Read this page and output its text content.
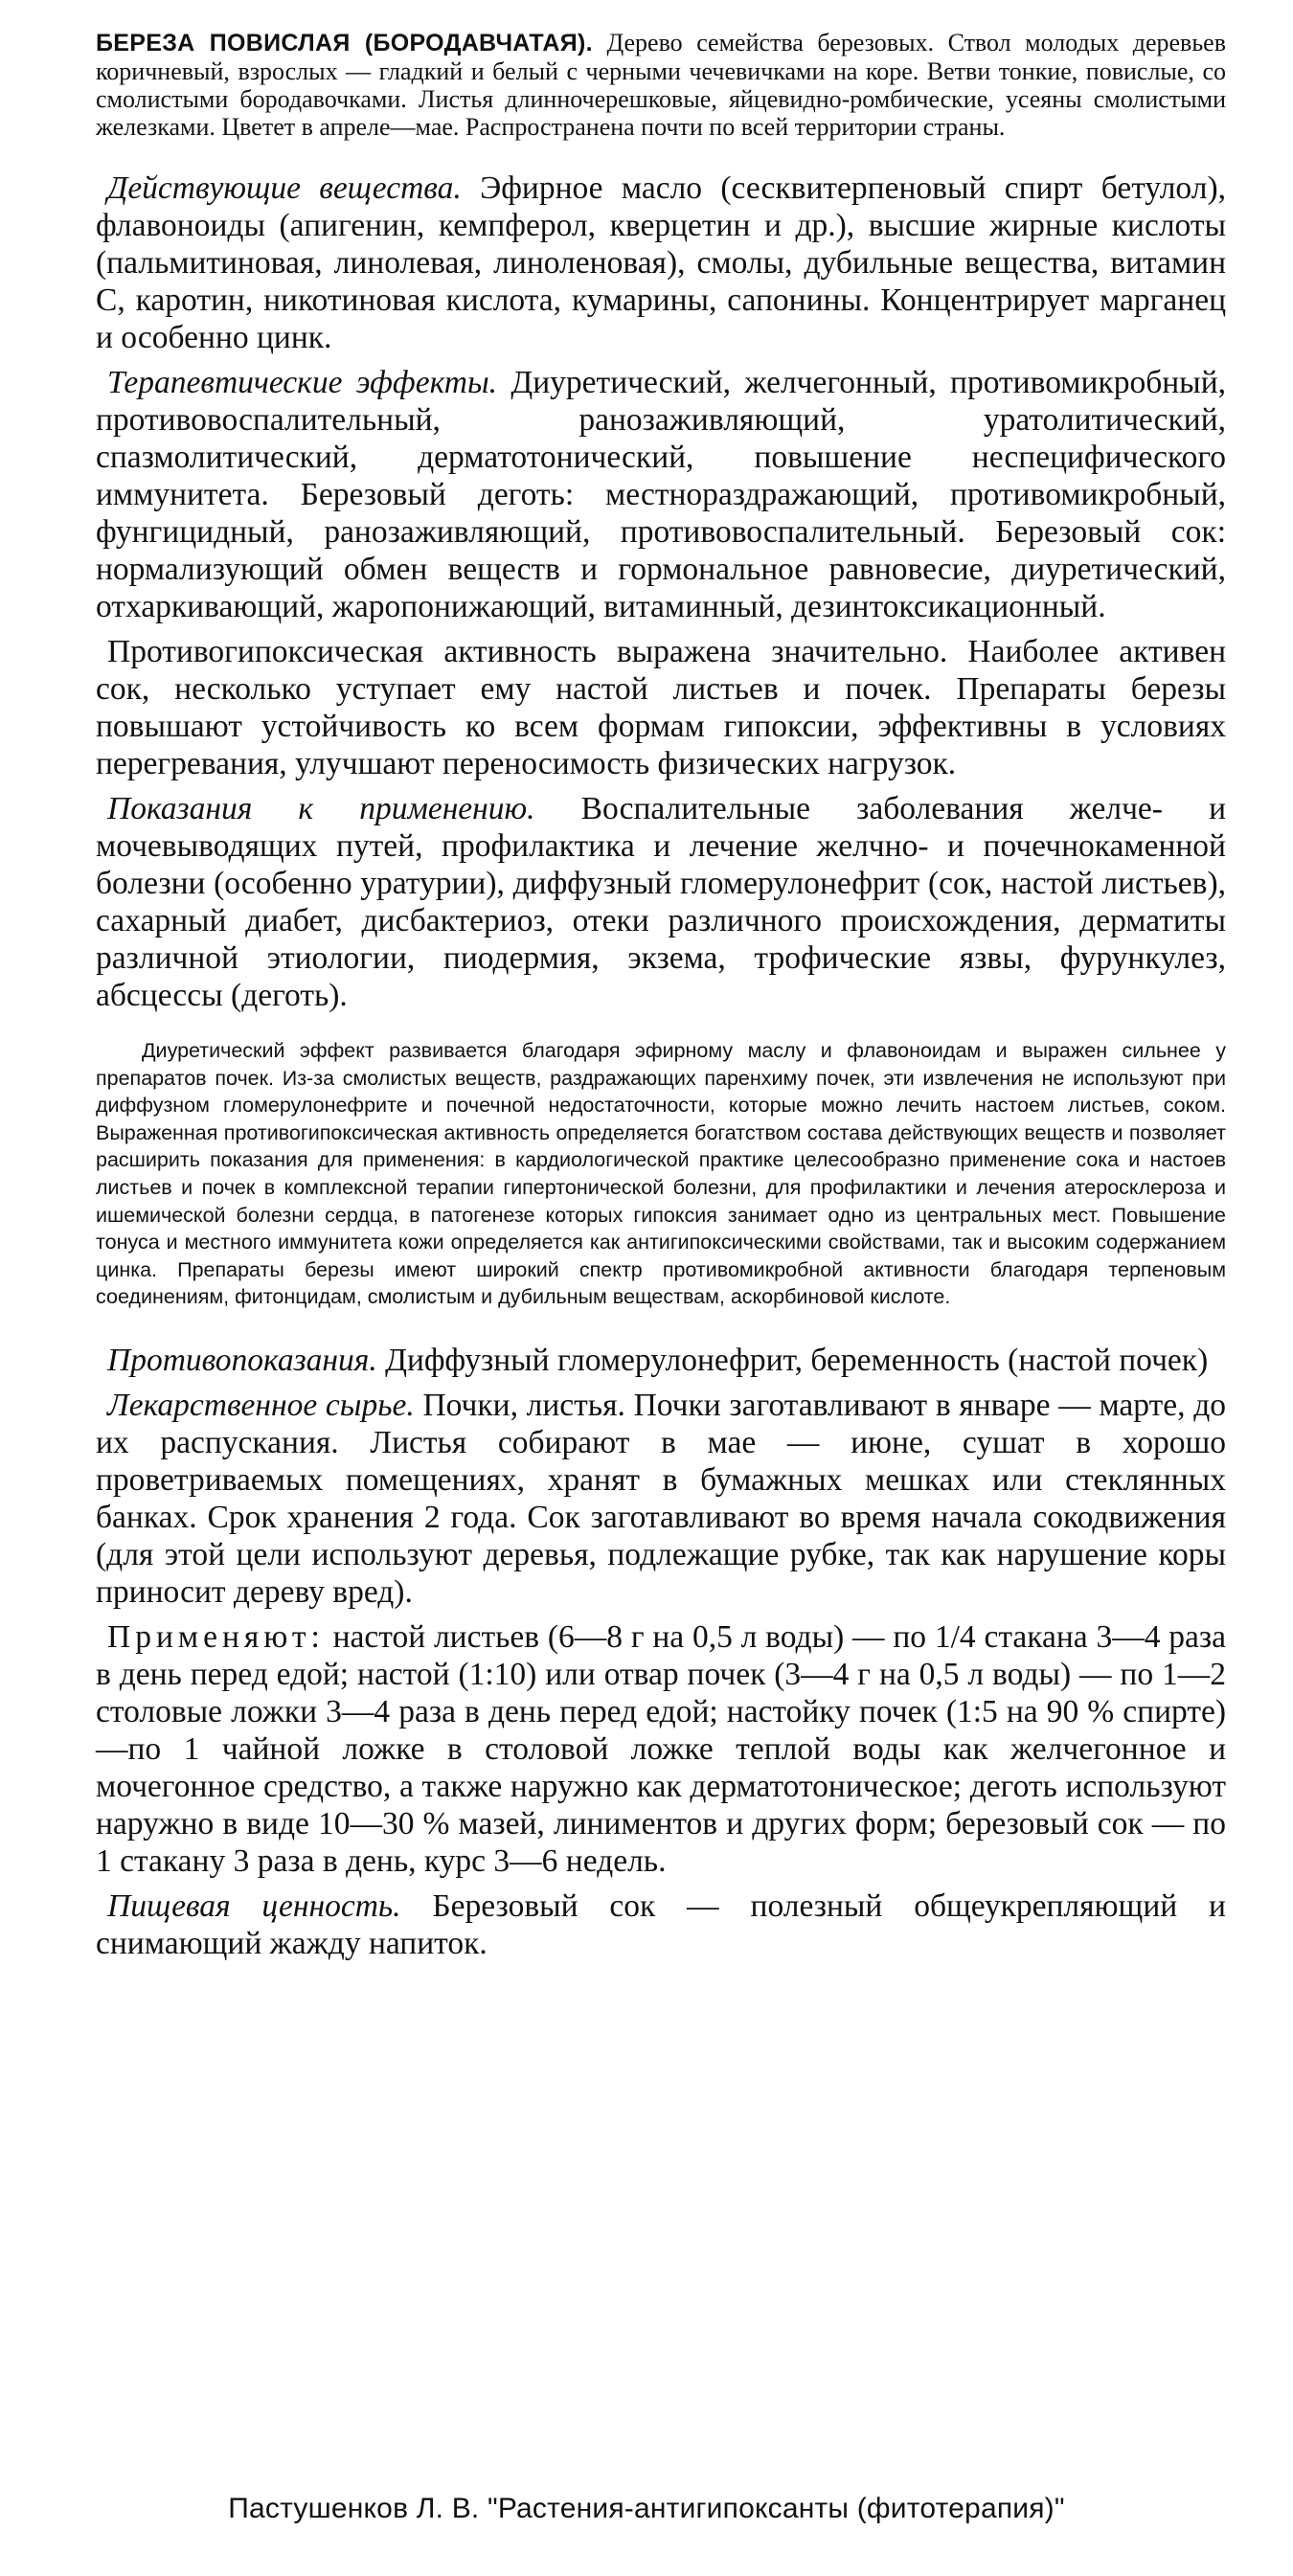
БЕРЕЗА ПОВИСЛАЯ (БОРОДАВЧАТАЯ). Дерево семейства березовых. Ствол молодых деревьев коричневый, взрослых — гладкий и белый с черными чечевичками на коре. Ветви тонкие, повислые, со смолистыми бородавочками. Листья длинночерешковые, яйцевидно-ромбические, усеяны смолистыми железками. Цветет в апреле—мае. Распространена почти по всей территории страны.

Действующие вещества. Эфирное масло (сесквитерпеновый спирт бетулол), флавоноиды (апигенин, кемпферол, кверцетин и др.), высшие жирные кислоты (пальмитиновая, линолевая, линоленовая), смолы, дубильные вещества, витамин С, каротин, никотиновая кислота, кумарины, сапонины. Концентрирует марганец и особенно цинк.

Терапевтические эффекты. Диуретический, желчегонный, противомикробный, противовоспалительный, ранозаживляющий, уратолитический, спазмолитический, дерматотонический, повышение неспецифического иммунитета. Березовый деготь: местнораздражающий, противомикробный, фунгицидный, ранозаживляющий, противовоспалительный. Березовый сок: нормализующий обмен веществ и гормональное равновесие, диуретический, отхаркивающий, жаропонижающий, витаминный, дезинтоксикационный.

Противогипоксическая активность выражена значительно. Наиболее активен сок, несколько уступает ему настой листьев и почек. Препараты березы повышают устойчивость ко всем формам гипоксии, эффективны в условиях перегревания, улучшают переносимость физических нагрузок.

Показания к применению. Воспалительные заболевания желче- и мочевыводящих путей, профилактика и лечение желчно- и почечнокаменной болезни (особенно уратурии), диффузный гломерулонефрит (сок, настой листьев), сахарный диабет, дисбактериоз, отеки различного происхождения, дерматиты различной этиологии, пиодермия, экзема, трофические язвы, фурункулез, абсцессы (деготь).

Диуретический эффект развивается благодаря эфирному маслу и флавоноидам и выражен сильнее у препаратов почек. Из-за смолистых веществ, раздражающих паренхиму почек, эти извлечения не используют при диффузном гломерулонефрите и почечной недостаточности, которые можно лечить настоем листьев, соком. Выраженная противогипоксическая активность определяется богатством состава действующих веществ и позволяет расширить показания для применения: в кардиологической практике целесообразно применение сока и настоев листьев и почек в комплексной терапии гипертонической болезни, для профилактики и лечения атеросклероза и ишемической болезни сердца, в патогенезе которых гипоксия занимает одно из центральных мест. Повышение тонуса и местного иммунитета кожи определяется как антигипоксическими свойствами, так и высоким содержанием цинка. Препараты березы имеют широкий спектр противомикробной активности благодаря терпеновым соединениям, фитонцидам, смолистым и дубильным веществам, аскорбиновой кислоте.

Противопоказания. Диффузный гломерулонефрит, беременность (настой почек)

Лекарственное сырье. Почки, листья. Почки заготавливают в январе — марте, до их распускания. Листья собирают в мае — июне, сушат в хорошо проветриваемых помещениях, хранят в бумажных мешках или стеклянных банках. Срок хранения 2 года. Сок заготавливают во время начала сокодвижения (для этой цели используют деревья, подлежащие рубке, так как нарушение коры приносит дереву вред).

Применяют: настой листьев (6—8 г на 0,5 л воды) — по 1/4 стакана 3—4 раза в день перед едой; настой (1:10) или отвар почек (3—4 г на 0,5 л воды) — по 1—2 столовые ложки 3—4 раза в день перед едой; настойку почек (1:5 на 90 % спирте)—по 1 чайной ложке в столовой ложке теплой воды как желчегонное и мочегонное средство, а также наружно как дерматотоническое; деготь используют наружно в виде 10—30 % мазей, линиментов и других форм; березовый сок — по 1 стакану 3 раза в день, курс 3—6 недель.

Пищевая ценность. Березовый сок — полезный общеукрепляющий и снимающий жажду напиток.

Пастушенков Л. В. "Растения-антигипоксанты (фитотерапия)"
